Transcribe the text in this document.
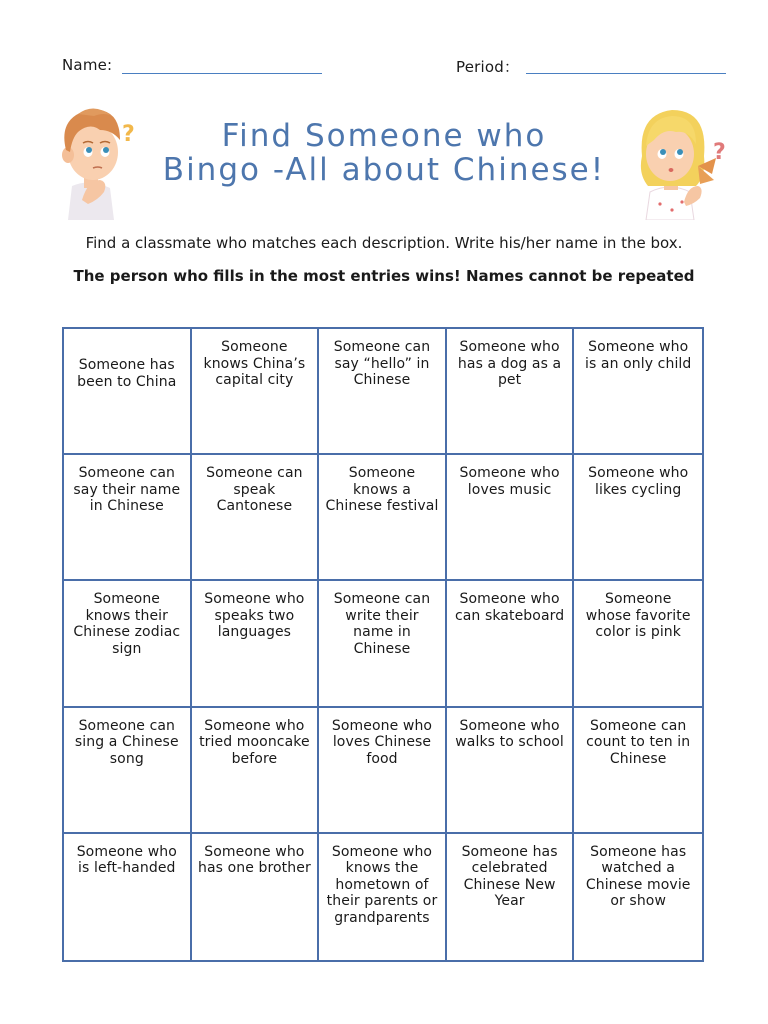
Name:	Period：
?
?
Find Someone who
Bingo -All about Chinese!
Find a classmate who matches each description. Write his/her name in the box.
The person who fills in the most entries wins! Names cannot be repeated
Someone has been to China
Someone knows China’s capital city
Someone can say “hello” in Chinese
Someone who has a dog as a pet
Someone who is an only child
Someone can say their name in Chinese
Someone can speak Cantonese
Someone knows a Chinese festival
Someone who loves music
Someone who likes cycling
Someone knows their Chinese zodiac sign
Someone who speaks two languages
Someone can write their name in Chinese
Someone who can skateboard
Someone whose favorite color is pink
Someone can sing a Chinese song
Someone who tried mooncake before
Someone who loves Chinese food
Someone who walks to school
Someone can count to ten in Chinese
Someone who is left-handed
Someone who has one brother
Someone who knows the hometown of their parents or grandparents
Someone has celebrated Chinese New Year
Someone has watched a Chinese movie or show
